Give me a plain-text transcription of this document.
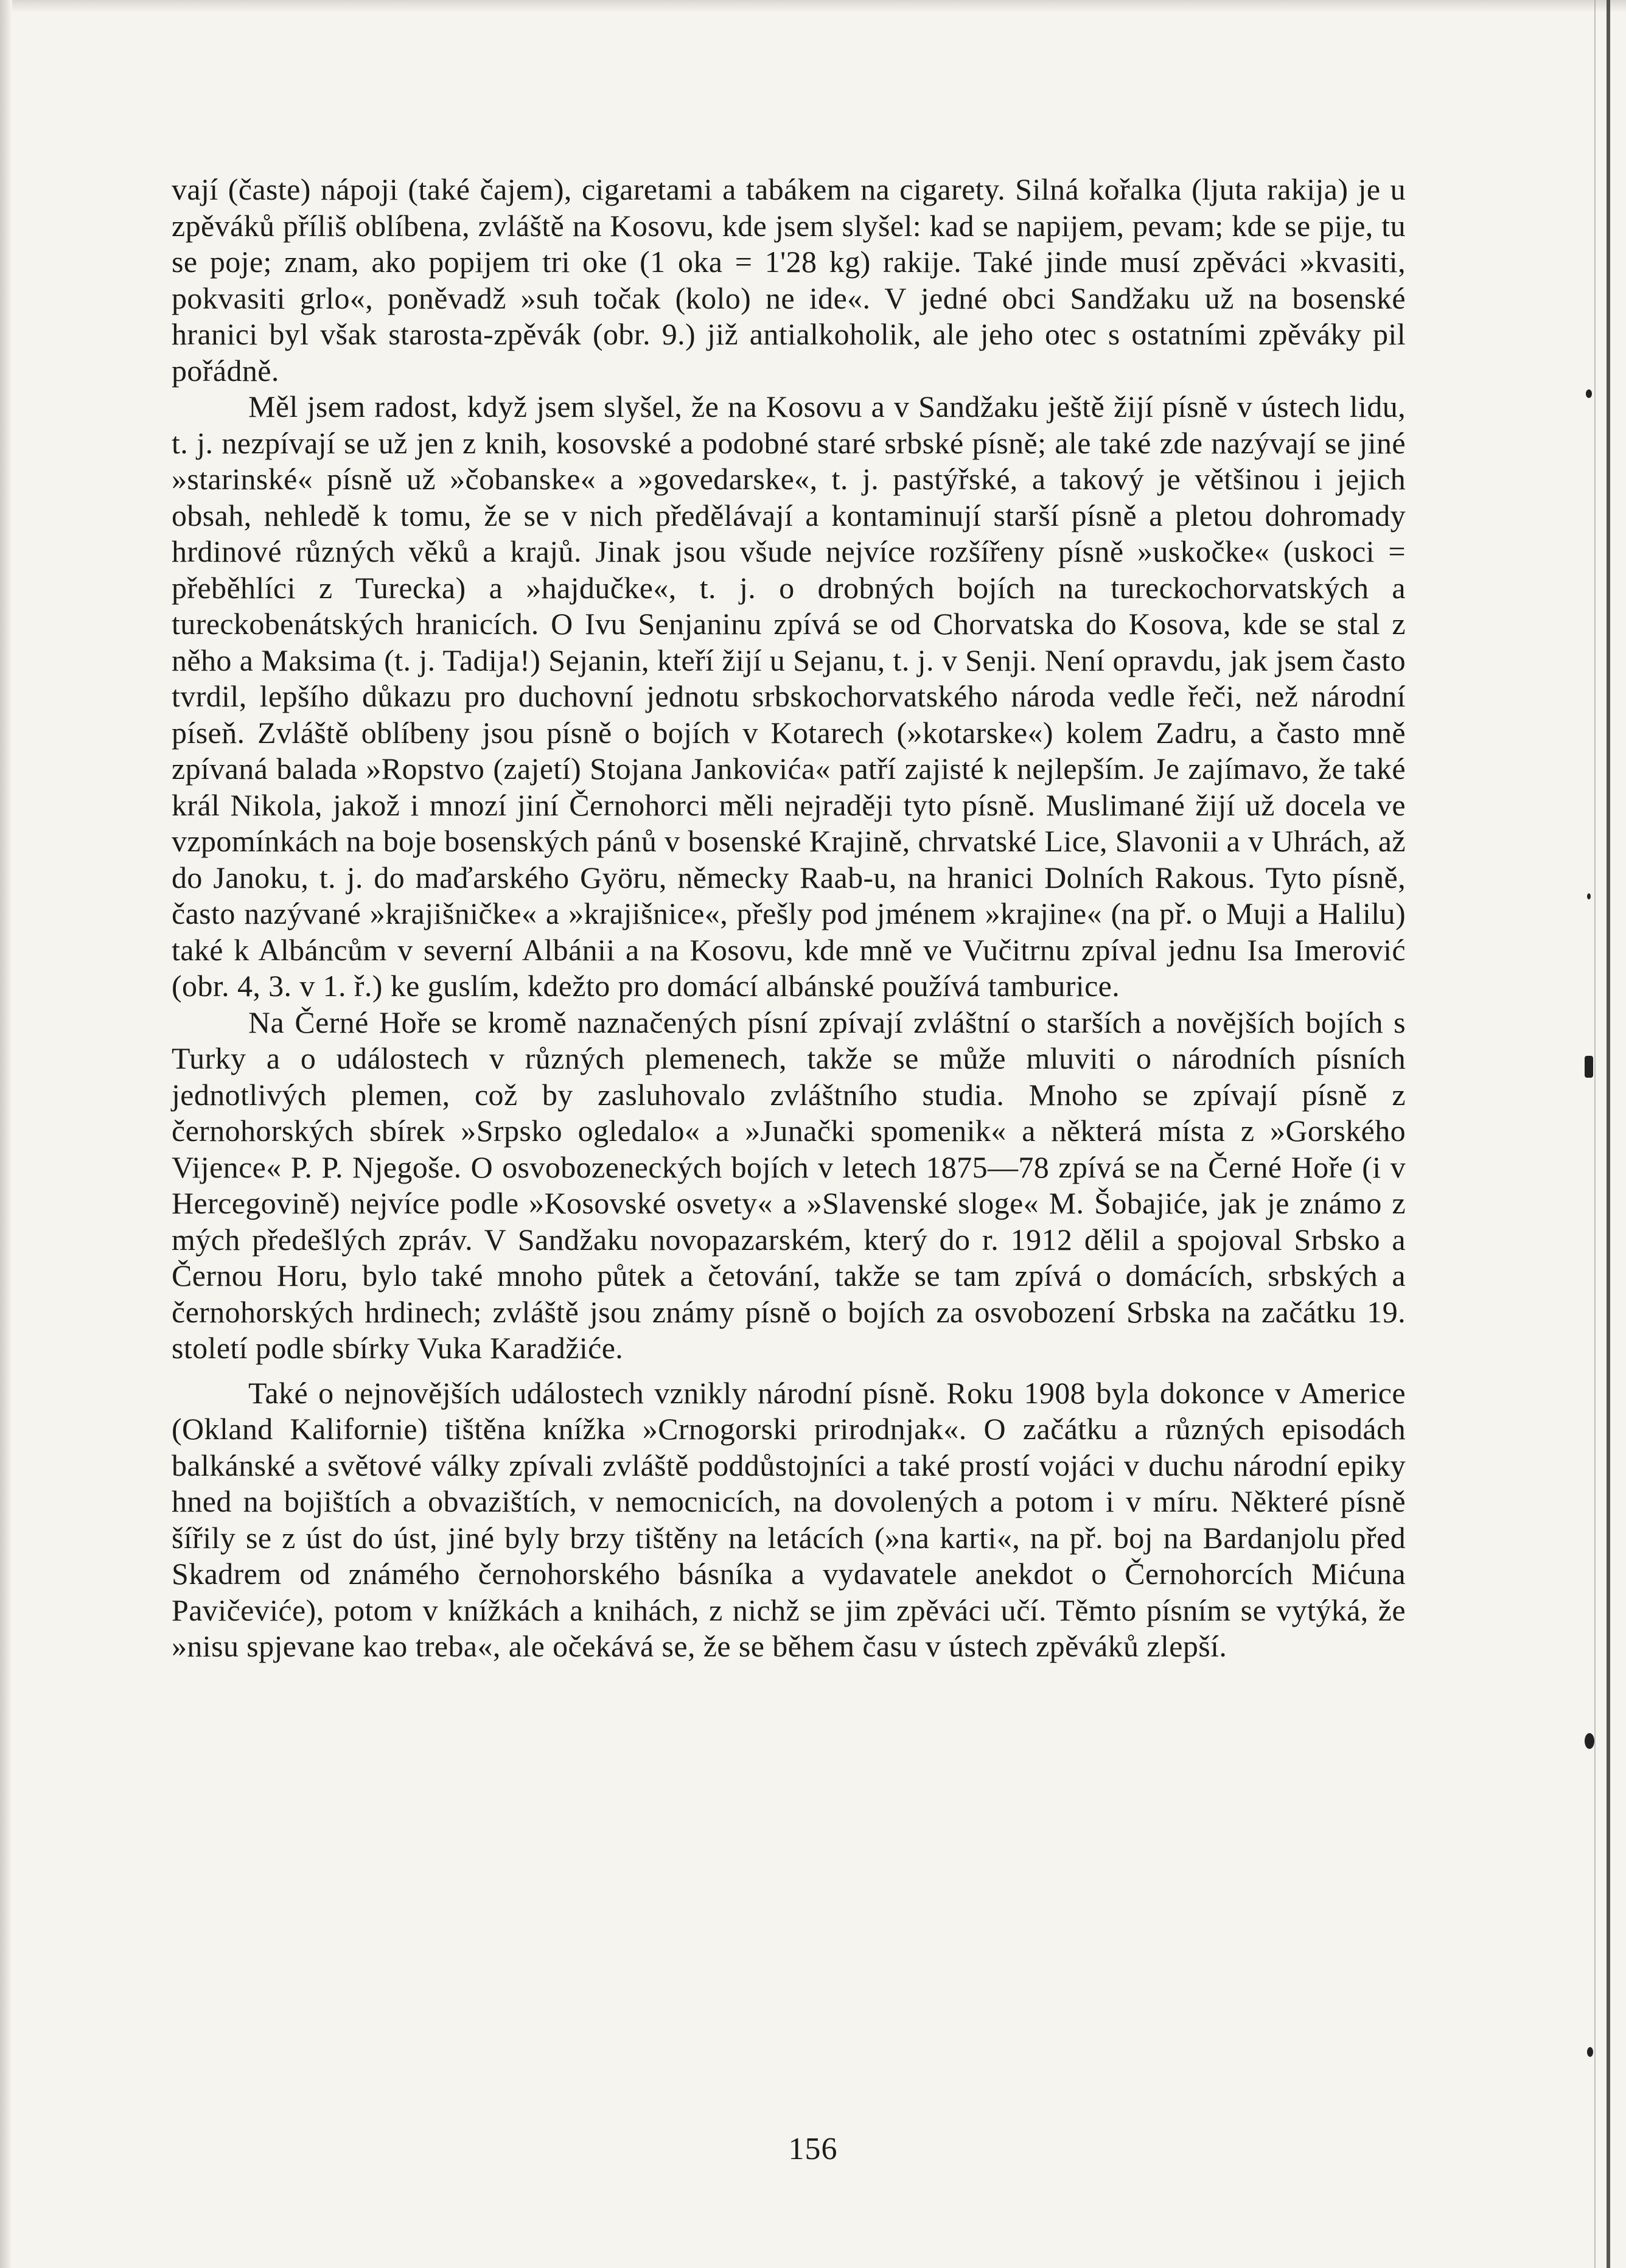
vají (časte) nápoji (také čajem), cigaretami a tabákem na cigarety. Silná kořalka (ljuta rakija) je u zpěváků příliš oblíbena, zvláště na Kosovu, kde jsem slyšel: kad se napijem, pevam; kde se pije, tu se poje; znam, ako popijem tri oke (1 oka = 1'28 kg) rakije. Také jinde musí zpěváci »kvasiti, pokvasiti grlo«, poněvadž »suh točak (kolo) ne ide«. V jedné obci Sandžaku už na bosenské hranici byl však starosta-zpěvák (obr. 9.) již antialkoholik, ale jeho otec s ostatními zpěváky pil pořádně.

Měl jsem radost, když jsem slyšel, že na Kosovu a v Sandžaku ještě žijí písně v ústech lidu, t. j. nezpívají se už jen z knih, kosovské a podobné staré srbské písně; ale také zde nazývají se jiné »starinské« písně už »čobanske« a »govedarske«, t. j. pastýřské, a takový je většinou i jejich obsah, nehledě k tomu, že se v nich předělávají a kontaminují starší písně a pletou dohromady hrdinové různých věků a krajů. Jinak jsou všude nejvíce rozšířeny písně »uskočke« (uskoci = přeběhlíci z Turecka) a »hajdučke«, t. j. o drobných bojích na tureckochorvatských a tureckobenátských hranicích. O Ivu Senjaninu zpívá se od Chorvatska do Kosova, kde se stal z něho a Maksima (t. j. Tadija!) Sejanin, kteří žijí u Sejanu, t. j. v Senji. Není opravdu, jak jsem často tvrdil, lepšího důkazu pro duchovní jednotu srbskochorvatského národa vedle řeči, než národní píseň. Zvláště oblíbeny jsou písně o bojích v Kotarech (»kotarske«) kolem Zadru, a často mně zpívaná balada »Ropstvo (zajetí) Stojana Jankovića« patří zajisté k nejlepším. Je zajímavo, že také král Nikola, jakož i mnozí jiní Černohorci měli nejraději tyto písně. Muslimané žijí už docela ve vzpomínkách na boje bosenských pánů v bosenské Krajině, chrvatské Lice, Slavonii a v Uhrách, až do Janoku, t. j. do maďarského Györu, německy Raab-u, na hranici Dolních Rakous. Tyto písně, často nazývané »krajišničke« a »krajišnice«, přešly pod jménem »krajine« (na př. o Muji a Halilu) také k Albáncům v severní Albánii a na Kosovu, kde mně ve Vučitrnu zpíval jednu Isa Imerović (obr. 4, 3. v 1. ř.) ke guslím, kdežto pro domácí albánské používá tamburice.

Na Černé Hoře se kromě naznačených písní zpívají zvláštní o starších a novějších bojích s Turky a o událostech v různých plemenech, takže se může mluviti o národních písních jednotlivých plemen, což by zasluhovalo zvláštního studia. Mnoho se zpívají písně z černohorských sbírek »Srpsko ogledalo« a »Junački spomenik« a některá místa z »Gorského Vijence« P. P. Njegoše. O osvobozeneckých bojích v letech 1875—78 zpívá se na Černé Hoře (i v Hercegovině) nejvíce podle »Kosovské osvety« a »Slavenské sloge« M. Šobajiće, jak je známo z mých předešlých zpráv. V Sandžaku novopazarském, který do r. 1912 dělil a spojoval Srbsko a Černou Horu, bylo také mnoho půtek a četování, takže se tam zpívá o domácích, srbských a černohorských hrdinech; zvláště jsou známy písně o bojích za osvobození Srbska na začátku 19. století podle sbírky Vuka Karadžiće.

Také o nejnovějších událostech vznikly národní písně. Roku 1908 byla dokonce v Americe (Okland Kalifornie) tištěna knížka »Crnogorski prirodnjak«. O začátku a různých episodách balkánské a světové války zpívali zvláště poddůstojníci a také prostí vojáci v duchu národní epiky hned na bojištích a obvazištích, v nemocnicích, na dovolených a potom i v míru. Některé písně šířily se z úst do úst, jiné byly brzy tištěny na letácích (»na karti«, na př. boj na Bardanjolu před Skadrem od známého černohorského básníka a vydavatele anekdot o Černohorcích Mićuna Pavičeviće), potom v knížkách a knihách, z nichž se jim zpěváci učí. Těmto písním se vytýká, že »nisu spjevane kao treba«, ale očekává se, že se během času v ústech zpěváků zlepší.

156
